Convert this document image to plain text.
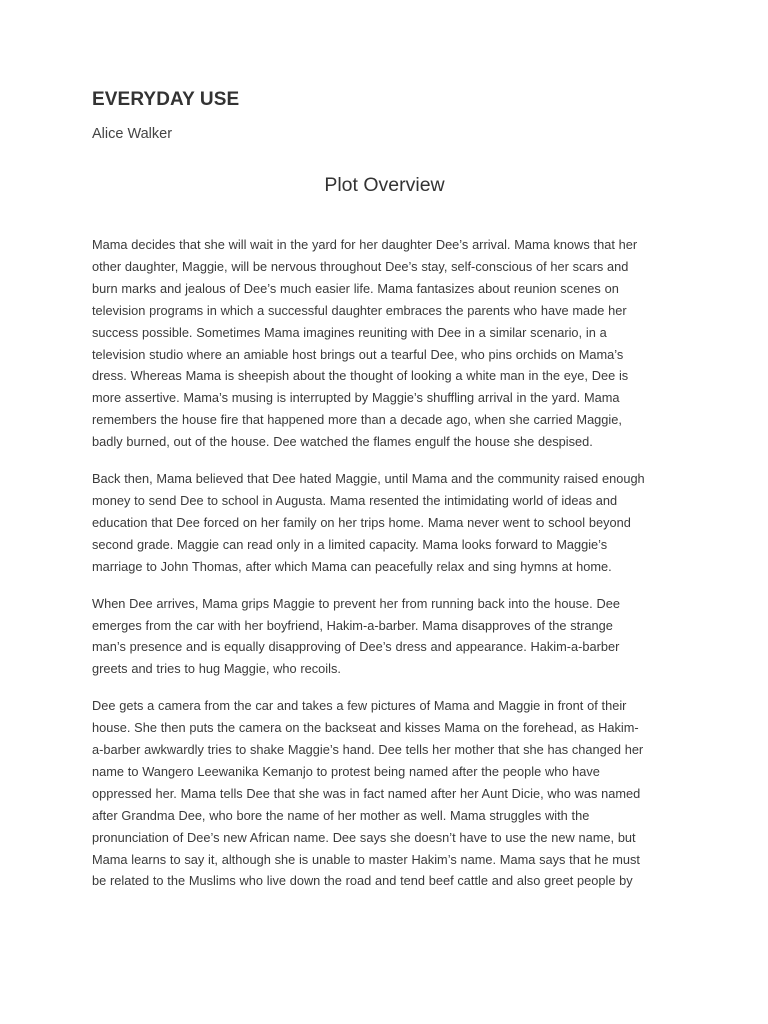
EVERYDAY USE
Alice Walker
Plot Overview

Mama decides that she will wait in the yard for her daughter Dee’s arrival. Mama knows that her
other daughter, Maggie, will be nervous throughout Dee’s stay, self-conscious of her scars and
burn marks and jealous of Dee’s much easier life. Mama fantasizes about reunion scenes on
television programs in which a successful daughter embraces the parents who have made her
success possible. Sometimes Mama imagines reuniting with Dee in a similar scenario, in a
television studio where an amiable host brings out a tearful Dee, who pins orchids on Mama’s
dress. Whereas Mama is sheepish about the thought of looking a white man in the eye, Dee is
more assertive. Mama’s musing is interrupted by Maggie’s shuffling arrival in the yard. Mama
remembers the house fire that happened more than a decade ago, when she carried Maggie,
badly burned, out of the house. Dee watched the flames engulf the house she despised.

Back then, Mama believed that Dee hated Maggie, until Mama and the community raised enough
money to send Dee to school in Augusta. Mama resented the intimidating world of ideas and
education that Dee forced on her family on her trips home. Mama never went to school beyond
second grade. Maggie can read only in a limited capacity. Mama looks forward to Maggie’s
marriage to John Thomas, after which Mama can peacefully relax and sing hymns at home.

When Dee arrives, Mama grips Maggie to prevent her from running back into the house. Dee
emerges from the car with her boyfriend, Hakim-a-barber. Mama disapproves of the strange
man’s presence and is equally disapproving of Dee’s dress and appearance. Hakim-a-barber
greets and tries to hug Maggie, who recoils.

Dee gets a camera from the car and takes a few pictures of Mama and Maggie in front of their
house. She then puts the camera on the backseat and kisses Mama on the forehead, as Hakim-
a-barber awkwardly tries to shake Maggie’s hand. Dee tells her mother that she has changed her
name to Wangero Leewanika Kemanjo to protest being named after the people who have
oppressed her. Mama tells Dee that she was in fact named after her Aunt Dicie, who was named
after Grandma Dee, who bore the name of her mother as well. Mama struggles with the
pronunciation of Dee’s new African name. Dee says she doesn’t have to use the new name, but
Mama learns to say it, although she is unable to master Hakim’s name. Mama says that he must
be related to the Muslims who live down the road and tend beef cattle and also greet people by
